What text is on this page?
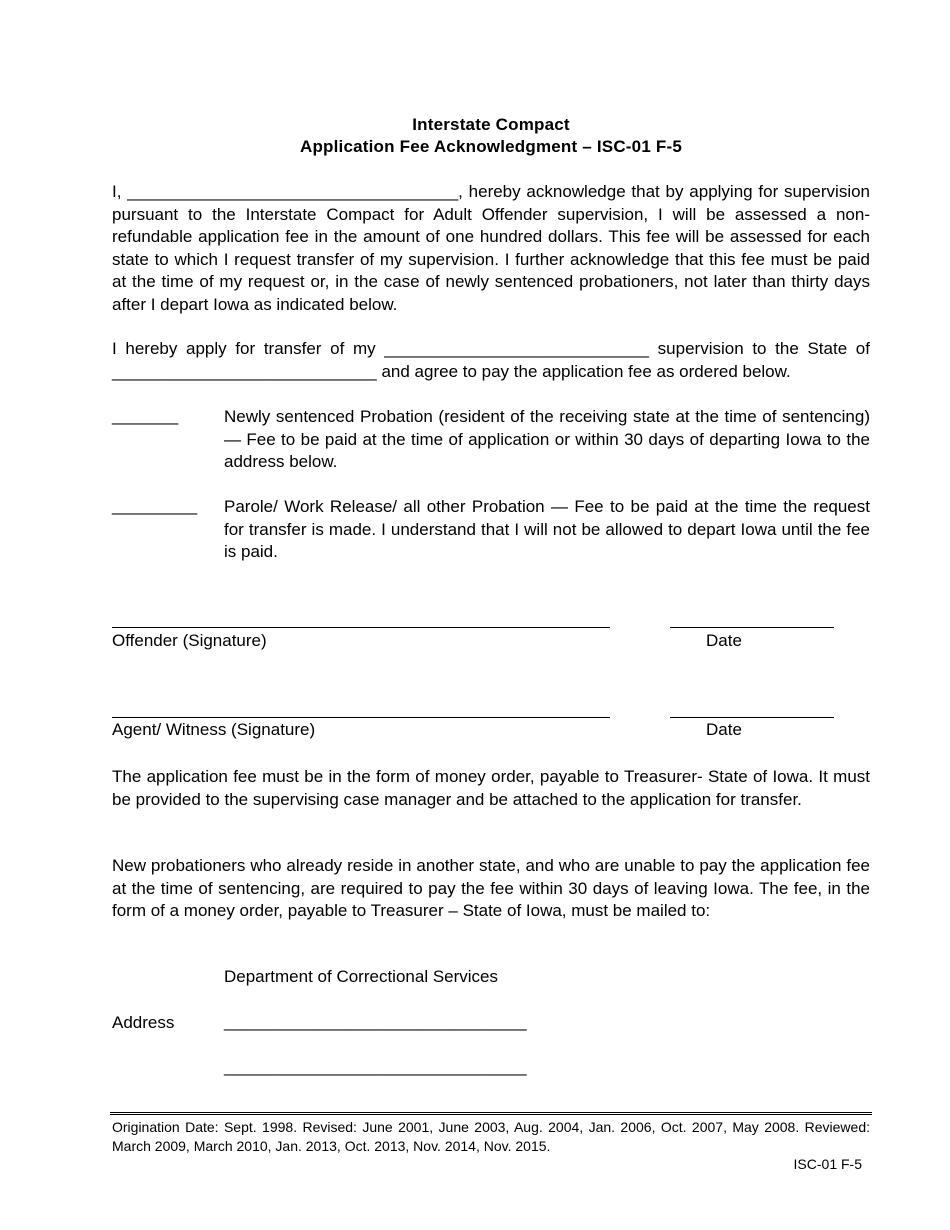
Interstate Compact
Application Fee Acknowledgment – ISC-01 F-5
I, ___________________________________, hereby acknowledge that by applying for supervision pursuant to the Interstate Compact for Adult Offender supervision, I will be assessed a non-refundable application fee in the amount of one hundred dollars. This fee will be assessed for each state to which I request transfer of my supervision. I further acknowledge that this fee must be paid at the time of my request or, in the case of newly sentenced probationers, not later than thirty days after I depart Iowa as indicated below.
I hereby apply for transfer of my ____________________________ supervision to the State of ____________________________ and agree to pay the application fee as ordered below.
_______	Newly sentenced Probation (resident of the receiving state at the time of sentencing) — Fee to be paid at the time of application or within 30 days of departing Iowa to the address below.
_________ Parole/ Work Release/ all other Probation — Fee to be paid at the time the request for transfer is made. I understand that I will not be allowed to depart Iowa until the fee is paid.
Offender (Signature)	Date
Agent/ Witness (Signature)	Date
The application fee must be in the form of money order, payable to Treasurer- State of Iowa. It must be provided to the supervising case manager and be attached to the application for transfer.
New probationers who already reside in another state, and who are unable to pay the application fee at the time of sentencing, are required to pay the fee within 30 days of leaving Iowa. The fee, in the form of a money order, payable to Treasurer – State of Iowa, must be mailed to:
Department of Correctional Services
Address	________________________________
________________________________
Origination Date: Sept. 1998. Revised: June 2001, June 2003, Aug. 2004, Jan. 2006, Oct. 2007, May 2008. Reviewed: March 2009, March 2010, Jan. 2013, Oct. 2013, Nov. 2014, Nov. 2015.
ISC-01 F-5
